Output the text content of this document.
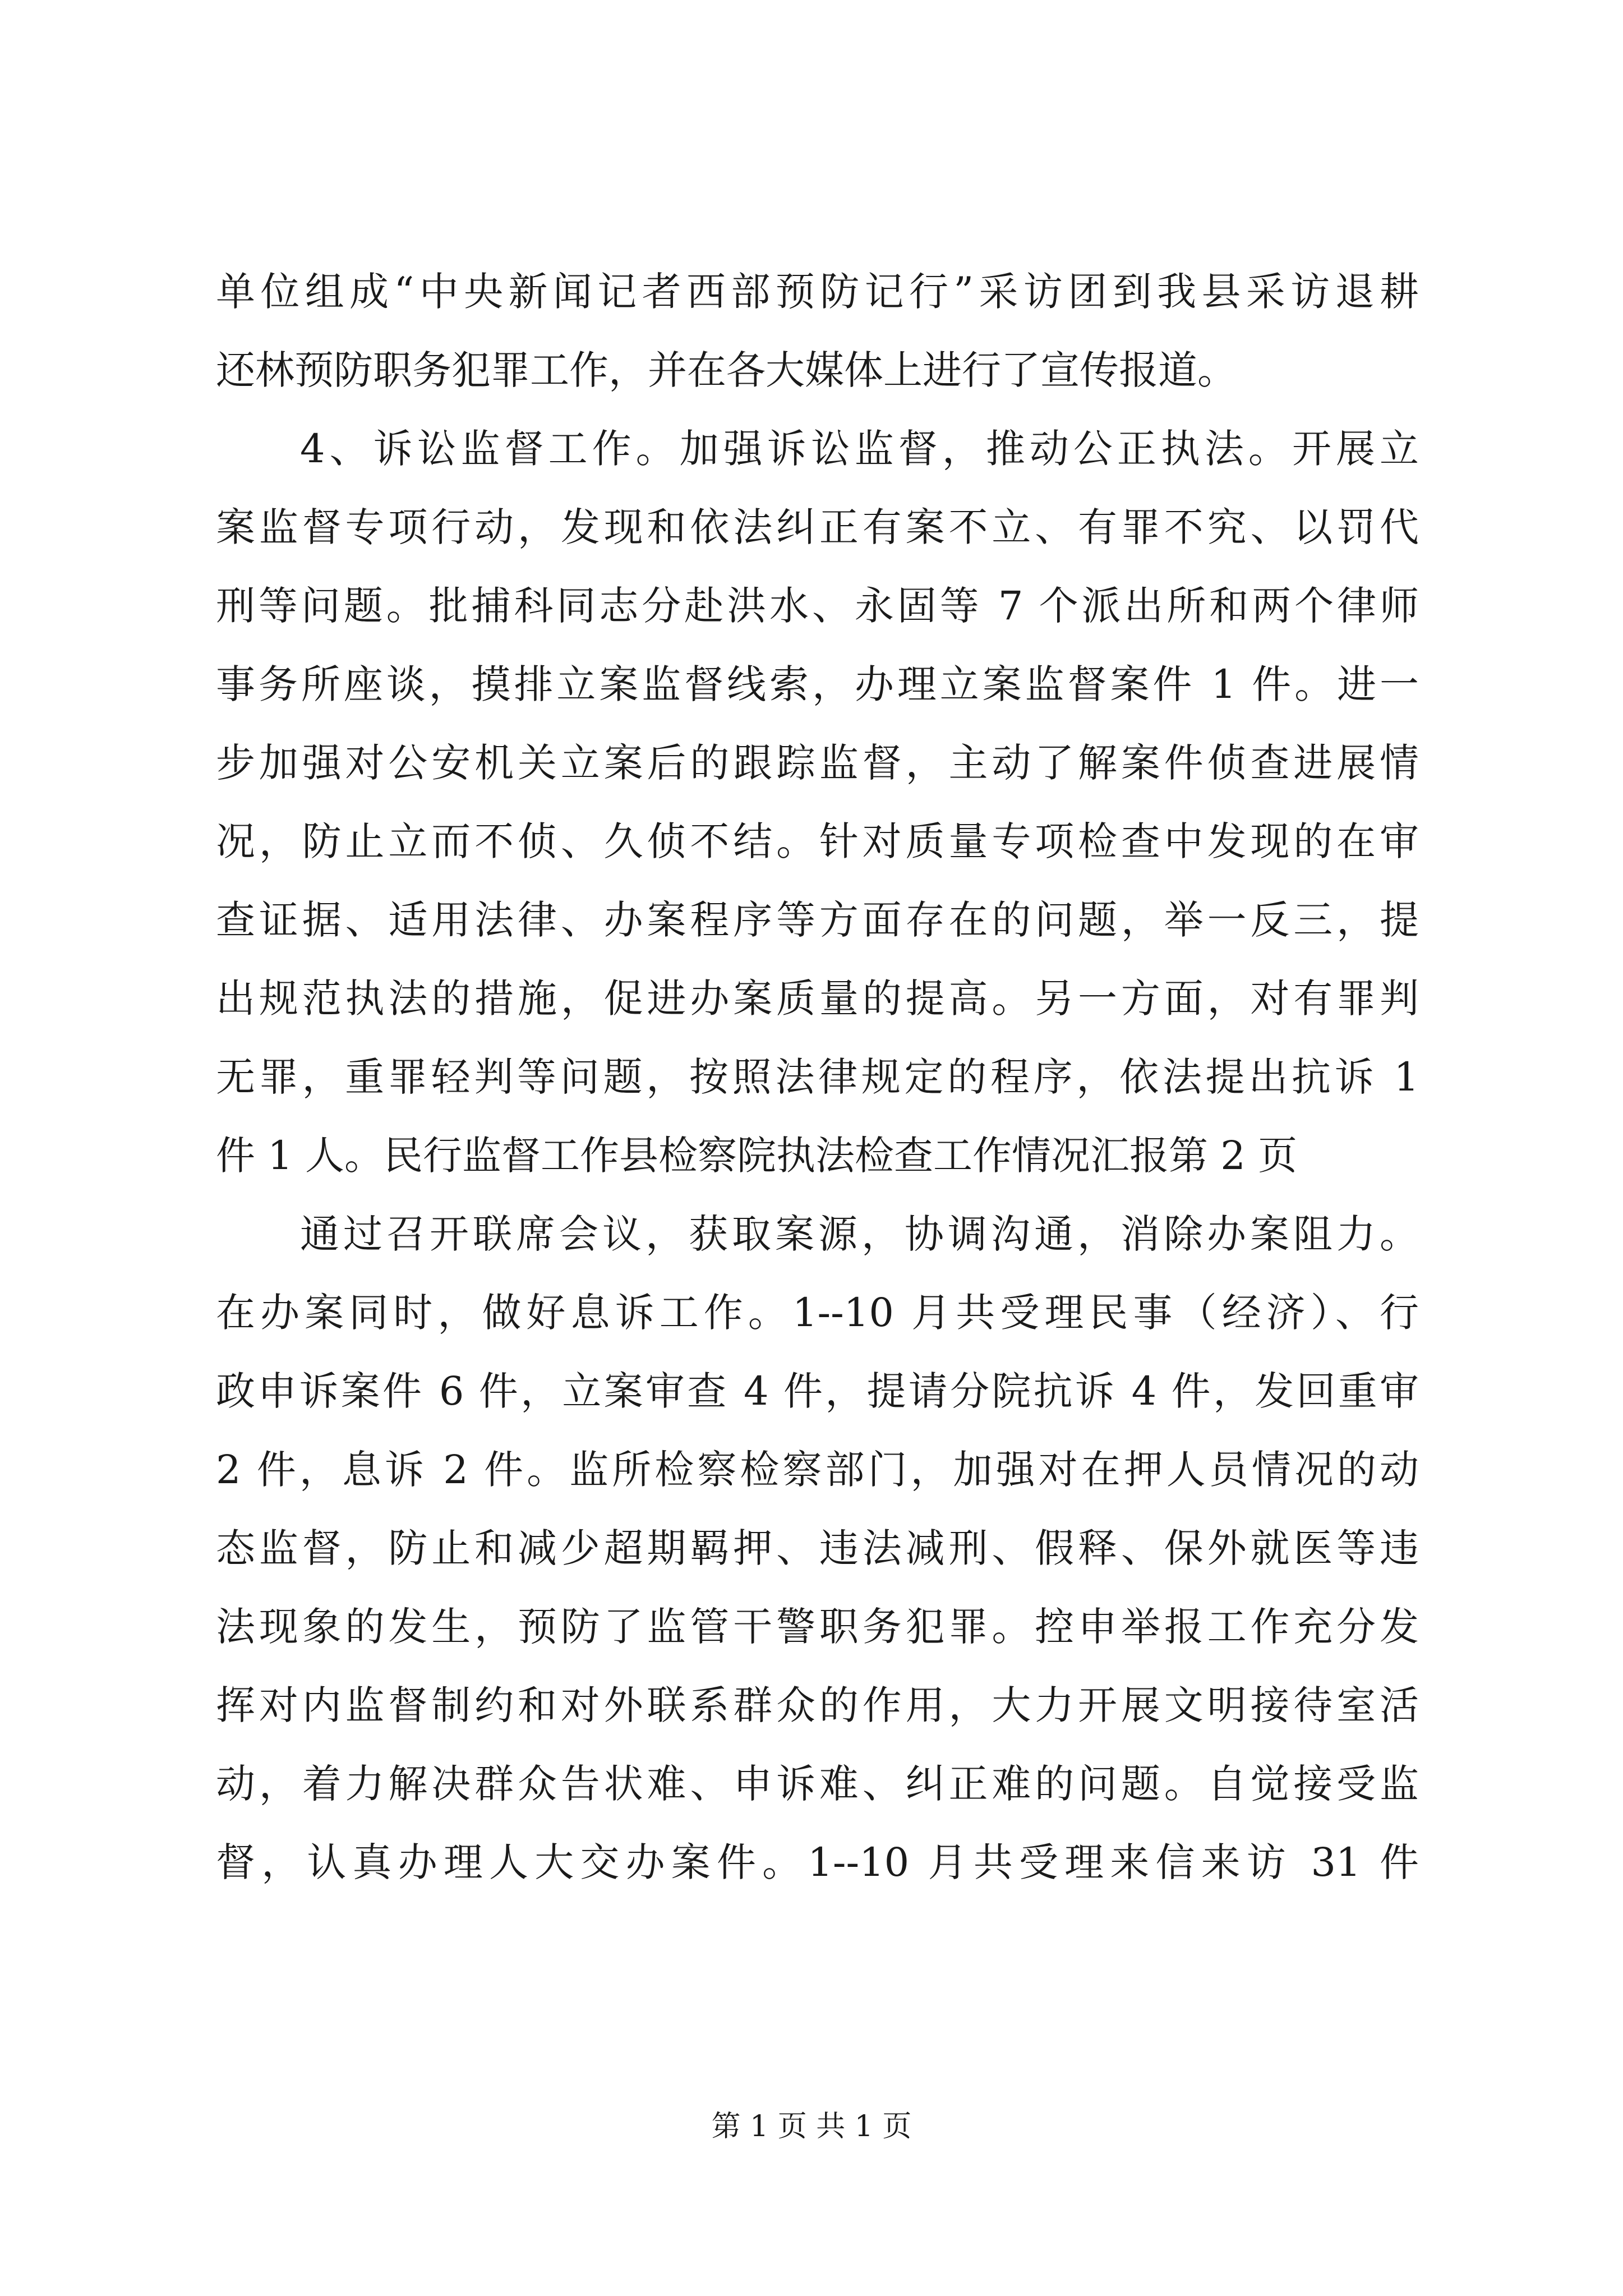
单位组成“中央新闻记者西部预防记行”采访团到我县采访退耕
还林预防职务犯罪工作，并在各大媒体上进行了宣传报道。
4、诉讼监督工作。加强诉讼监督，推动公正执法。开展立
案监督专项行动，发现和依法纠正有案不立、有罪不究、以罚代
刑等问题。批捕科同志分赴洪水、永固等 7 个派出所和两个律师
事务所座谈，摸排立案监督线索，办理立案监督案件 1 件。进一
步加强对公安机关立案后的跟踪监督，主动了解案件侦查进展情
况，防止立而不侦、久侦不结。针对质量专项检查中发现的在审
查证据、适用法律、办案程序等方面存在的问题，举一反三，提
出规范执法的措施，促进办案质量的提高。另一方面，对有罪判
无罪，重罪轻判等问题，按照法律规定的程序，依法提出抗诉 1
件 1 人。民行监督工作县检察院执法检查工作情况汇报第 2 页
通过召开联席会议，获取案源，协调沟通，消除办案阻力。
在办案同时，做好息诉工作。1--10 月共受理民事（经济）、行
政申诉案件 6 件，立案审查 4 件，提请分院抗诉 4 件，发回重审
2 件，息诉 2 件。监所检察检察部门，加强对在押人员情况的动
态监督，防止和减少超期羁押、违法减刑、假释、保外就医等违
法现象的发生，预防了监管干警职务犯罪。控申举报工作充分发
挥对内监督制约和对外联系群众的作用，大力开展文明接待室活
动，着力解决群众告状难、申诉难、纠正难的问题。自觉接受监
督，认真办理人大交办案件。1--10 月共受理来信来访 31 件
第 1 页 共 1 页
